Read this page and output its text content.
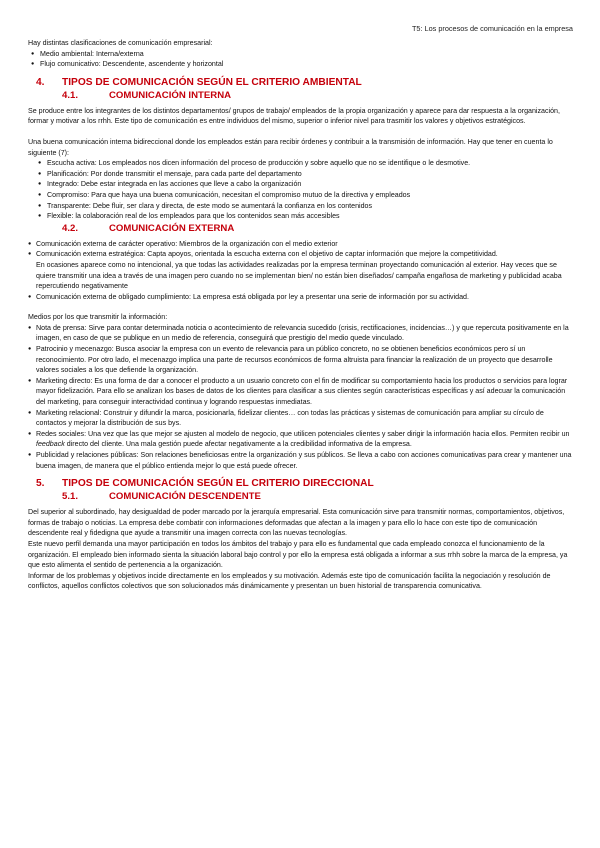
T5: Los procesos de comunicación en la empresa

Hay distintas clasificaciones de comunicación empresarial:

● Medio ambiental: Interna/externa
● Flujo comunicativo: Descendente, ascendente y horizontal
4. TIPOS DE COMUNICACIÓN SEGÚN EL CRITERIO AMBIENTAL
4.1.	COMUNICACIÓN INTERNA

Se produce entre los integrantes de los distintos departamentos/ grupos de trabajo/ empleados de la propia organización y aparece para dar respuesta a la organización, formar y motivar a los rrhh. Este tipo de comunicación es entre individuos del mismo, superior o inferior nivel para trasmitir los valores y objetivos estratégicos.

Una buena comunicación interna bidireccional donde los empleados están para recibir órdenes y contribuir a la transmisión de información. Hay que tener en cuenta lo siguiente (7):

● Escucha activa: Los empleados nos dicen información del proceso de producción y sobre aquello que no se identifique o le desmotive.
● Planificación: Por donde transmitir el mensaje, para cada parte del departamento
● Integrado: Debe estar integrada en las acciones que lleve a cabo la organización
● Compromiso: Para que haya una buena comunicación, necesitan el compromiso mutuo de la directiva y empleados
● Transparente: Debe fluir, ser clara y directa, de este modo se aumentará la confianza en los contenidos
● Flexible: la colaboración real de los empleados para que los contenidos sean más accesibles
4.2.	COMUNICACIÓN EXTERNA
● Comunicación externa de carácter operativo: Miembros de la organización con el medio exterior
● Comunicación externa estratégica: Capta apoyos, orientada la escucha externa con el objetivo de captar información que mejore la competitividad.

En ocasiones aparece como no intencional, ya que todas las actividades realizadas por la empresa terminan proyectando comunicación al exterior. Hay veces que se quiere transmitir una idea a través de una imagen pero cuando no se implementan bien/ no están bien diseñados/ campaña engañosa de marketing y publicidad acaba repercutiendo negativamente

● Comunicación externa de obligado cumplimiento: La empresa está obligada por ley a presentar una serie de información por su actividad.

Medios por los que transmitir la información:

● Nota de prensa: Sirve para contar determinada noticia o acontecimiento de relevancia sucedido (crisis, rectificaciones, incidencias…) y que repercuta positivamente en la imagen, en caso de que se publique en un medio de referencia, conseguirá que prestigio del medio quede vinculado.
● Patrocinio y mecenazgo: Busca asociar la empresa con un evento de relevancia para un público concreto, no se obtienen beneficios económicos pero sí un reconocimiento. Por otro lado, el mecenazgo implica una parte de recursos económicos de forma altruista para financiar la realización de un proyecto que desarrolle valores sociales a los que defiende la organización.
● Marketing directo: Es una forma de dar a conocer el producto a un usuario concreto con el fin de modificar su comportamiento hacia los productos o servicios para lograr mayor fidelización. Para ello se analizan los bases de datos de los clientes para clasificar a sus clientes según características específicas y así adecuar la comunicación del marketing, para conseguir interactividad continua y logrando respuestas inmediatas.
● Marketing relacional: Construir y difundir la marca, posicionarla, fidelizar clientes… con todas las prácticas y sistemas de comunicación para ampliar su círculo de contactos y mejorar la distribución de sus bys.
● Redes sociales: Una vez que las que mejor se ajusten al modelo de negocio, que utilicen potenciales clientes y saber dirigir la información hacia ellos. Permiten recibir un feedback directo del cliente. Una mala gestión puede afectar negativamente a la credibilidad informativa de la empresa.
● Publicidad y relaciones públicas: Son relaciones beneficiosas entre la organización y sus públicos. Se lleva a cabo con acciones comunicativas para crear y mantener una buena imagen, de manera que el público entienda mejor lo que está puede ofrecer.
5. TIPOS DE COMUNICACIÓN SEGÚN EL CRITERIO DIRECCIONAL
5.1.	COMUNICACIÓN DESCENDENTE

Del superior al subordinado, hay desigualdad de poder marcado por la jerarquía empresarial. Esta comunicación sirve para transmitir normas, comportamientos, objetivos, formas de trabajo o noticias. La empresa debe combatir con informaciones deformadas que afectan a la imagen y para ello lo hace con este tipo de comunicación descendente real y fidedigna que ayude a transmitir una imagen correcta con las nuevas tecnologías.

Este nuevo perfil demanda una mayor participación en todos los ámbitos del trabajo y para ello es fundamental que cada empleado conozca el funcionamiento de la organización. El empleado bien informado sienta la situación laboral bajo control y por ello la empresa está obligada a informar a sus rrhh sobre la marca de la empresa, ya que esto alimenta el sentido de pertenencia a la organización.

Informar de los problemas y objetivos incide directamente en los empleados y su motivación. Además este tipo de comunicación facilita la negociación y resolución de conflictos, aquellos conflictos colectivos que son solucionados más dinámicamente y presentan un buen historial de transparencia comunicativa.
